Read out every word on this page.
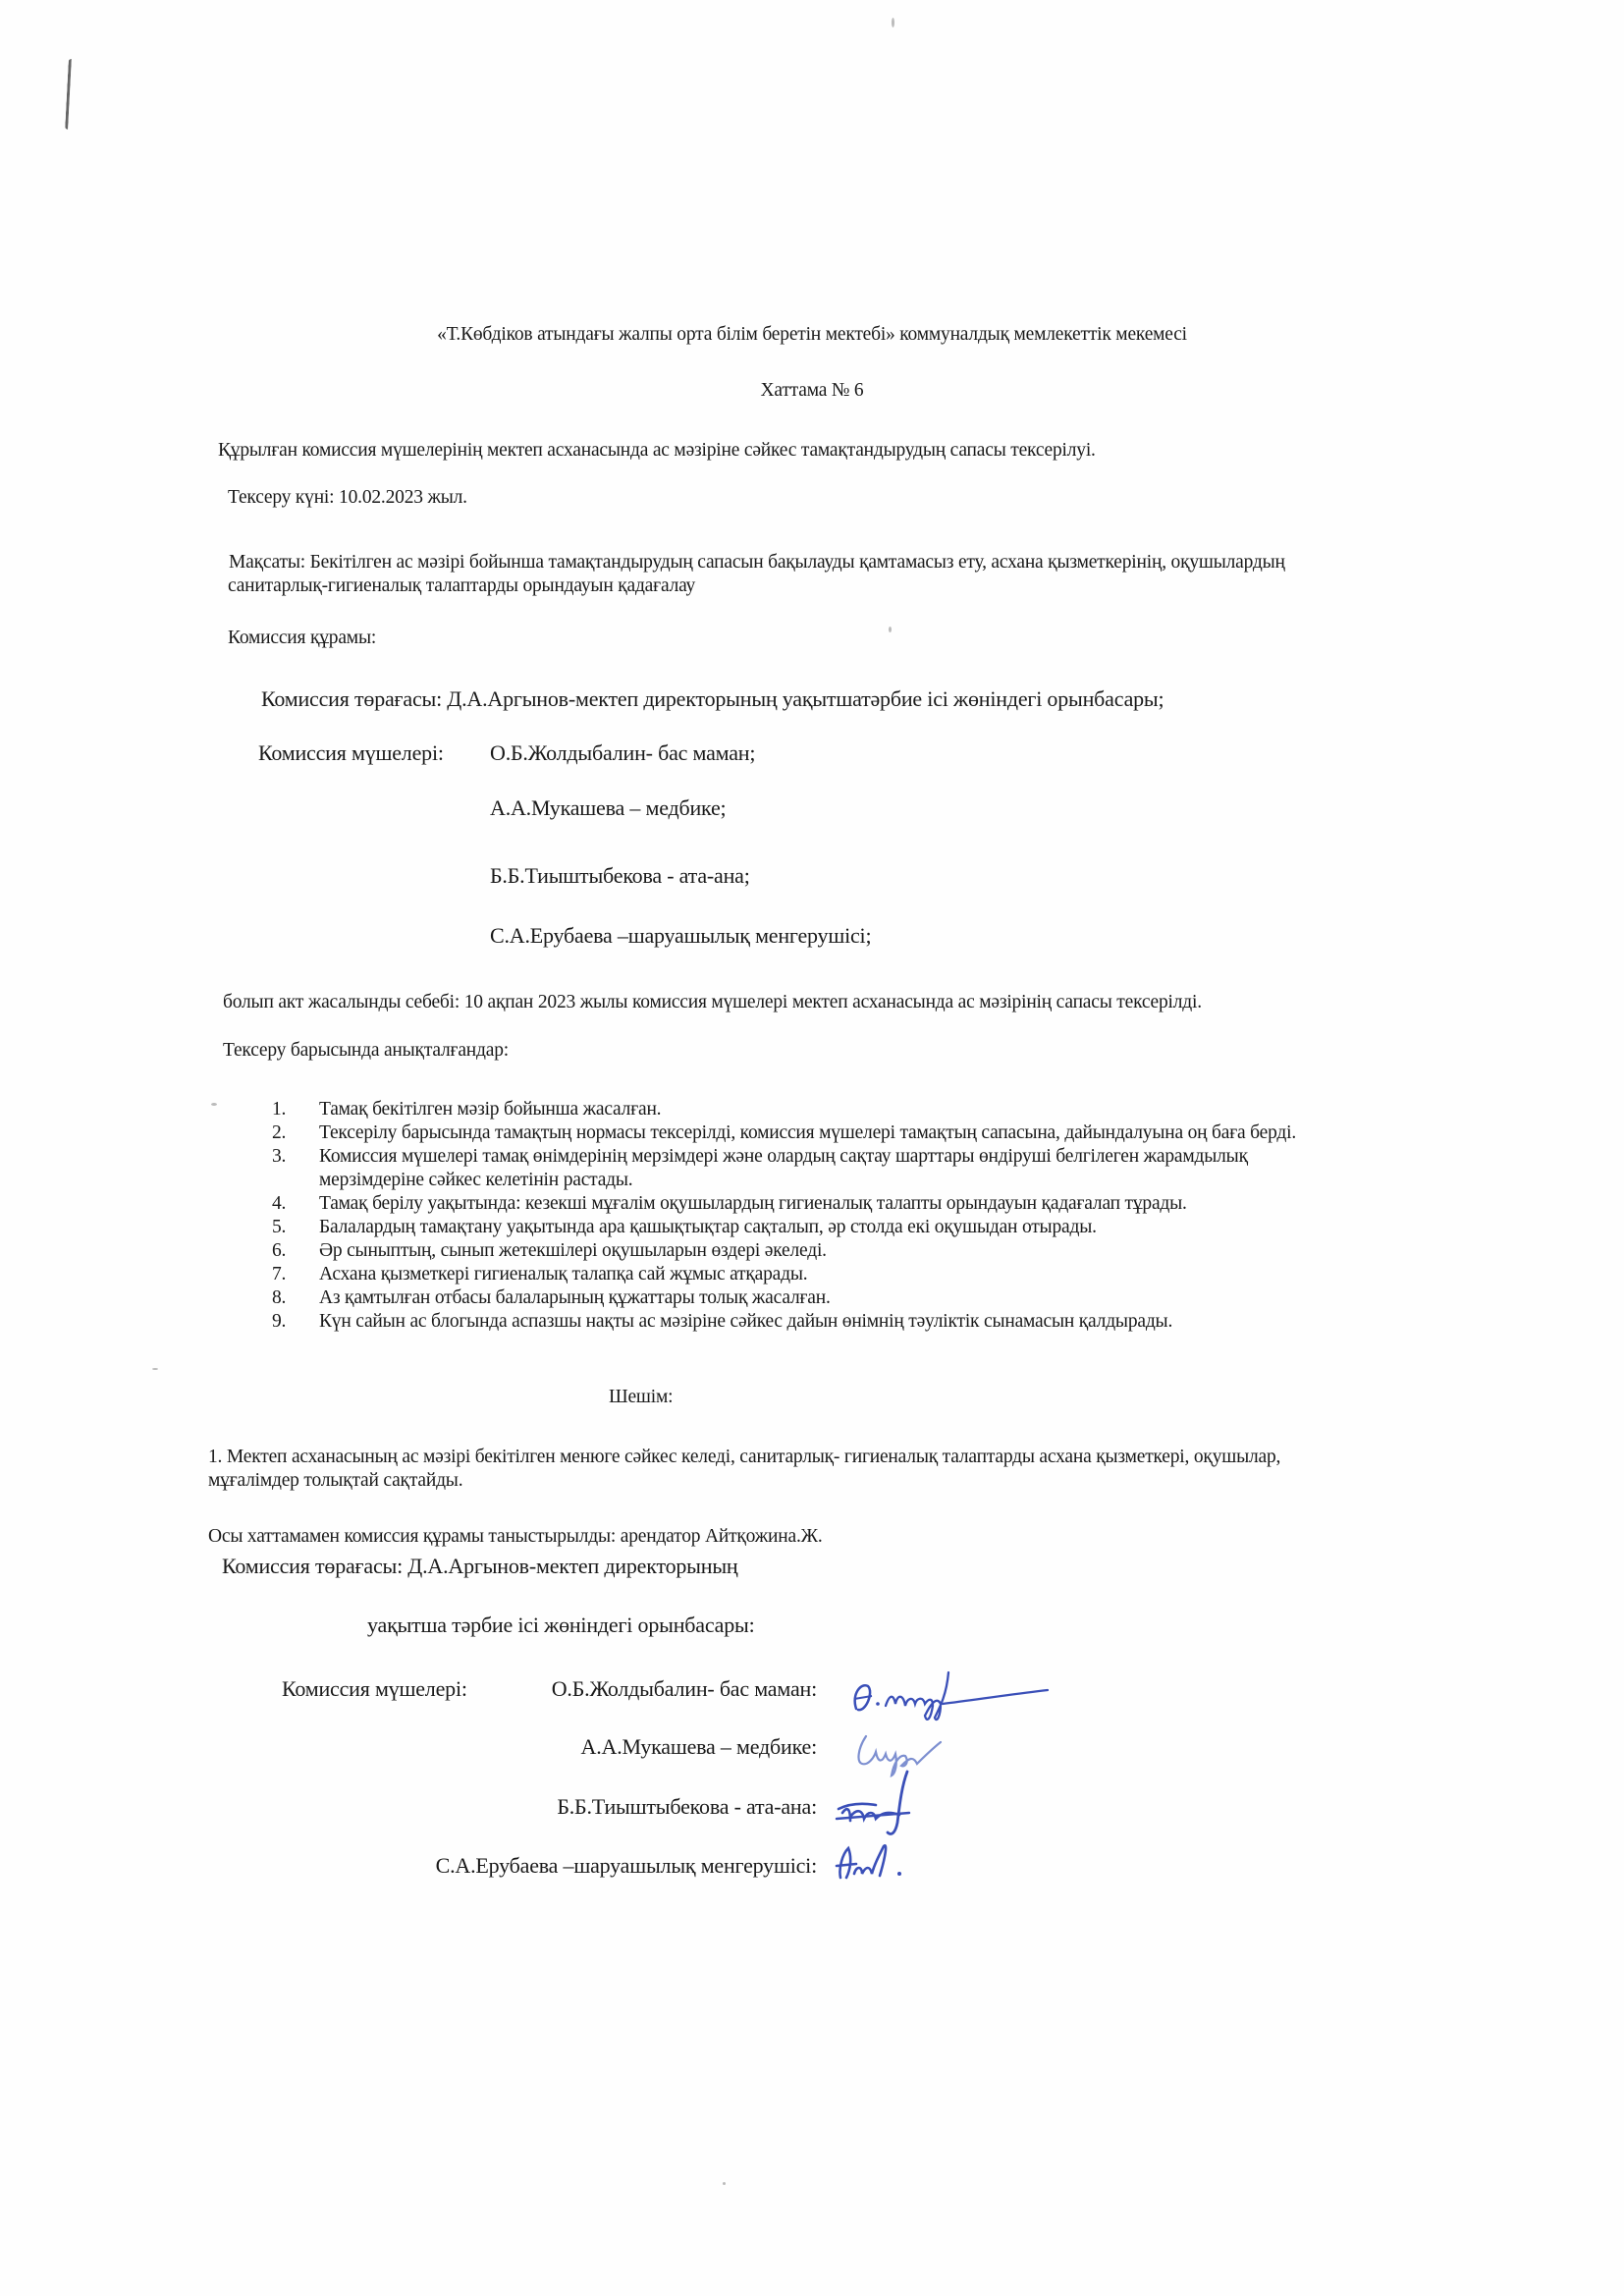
«Т.Көбдіков атындағы жалпы орта білім беретін мектебі» коммуналдық мемлекеттік мекемесі
Хаттама № 6
Құрылған комиссия мүшелерінің мектеп асханасында ас мәзіріне сәйкес тамақтандырудың сапасы тексерілуі.
Тексеру күні: 10.02.2023 жыл.
Мақсаты: Бекітілген ас мәзірі бойынша тамақтандырудың сапасын бақылауды қамтамасыз ету, асхана қызметкерінің, оқушылардың
санитарлық-гигиеналық талаптарды орындауын қадағалау
Комиссия құрамы:
Комиссия төрағасы: Д.А.Аргынов-мектеп директорының уақытшатәрбие ісі жөніндегі орынбасары;
Комиссия мүшелері: О.Б.Жолдыбалин- бас маман;
А.А.Мукашева – медбике;
Б.Б.Тиыштыбекова - ата-ана;
С.А.Ерубаева –шаруашылық менгерушісі;
болып акт жасалынды себебі: 10 ақпан 2023 жылы комиссия мүшелері мектеп асханасында ас мәзірінің сапасы тексерілді.
Тексеру барысында анықталғандар:
1. Тамақ бекітілген мәзір бойынша жасалған.
2. Тексерілу барысында тамақтың нормасы тексерілді, комиссия мүшелері тамақтың сапасына, дайындалуына оң баға берді.
3. Комиссия мүшелері тамақ өнімдерінің мерзімдері және олардың сақтау шарттары өндіруші белгілеген жарамдылық
мерзімдеріне сәйкес келетінін растады.
4. Тамақ берілу уақытында: кезекші мұғалім оқушылардың гигиеналық талапты орындауын қадағалап тұрады.
5. Балалардың тамақтану уақытында ара қашықтықтар сақталып, әр столда екі оқушыдан отырады.
6. Әр сыныптың, сынып жетекшілері оқушыларын өздері әкеледі.
7. Асхана қызметкері гигиеналық талапқа сай жұмыс атқарады.
8. Аз қамтылған отбасы балаларының құжаттары толық жасалған.
9. Күн сайын ас блогында аспазшы нақты ас мәзіріне сәйкес дайын өнімнің тәуліктік сынамасын қалдырады.
Шешім:
1. Мектеп асханасының ас мәзірі бекітілген менюге сәйкес келеді, санитарлық- гигиеналық талаптарды асхана қызметкері, оқушылар,
мұғалімдер толықтай сақтайды.
Осы хаттамамен комиссия құрамы таныстырылды: арендатор Айтқожина.Ж.
Комиссия төрағасы: Д.А.Аргынов-мектеп директорының
уақытша тәрбие ісі жөніндегі орынбасары:
Комиссия мүшелері:	О.Б.Жолдыбалин- бас маман:
А.А.Мукашева – медбике:
Б.Б.Тиыштыбекова - ата-ана:
С.А.Ерубаева –шаруашылық менгерушісі:
